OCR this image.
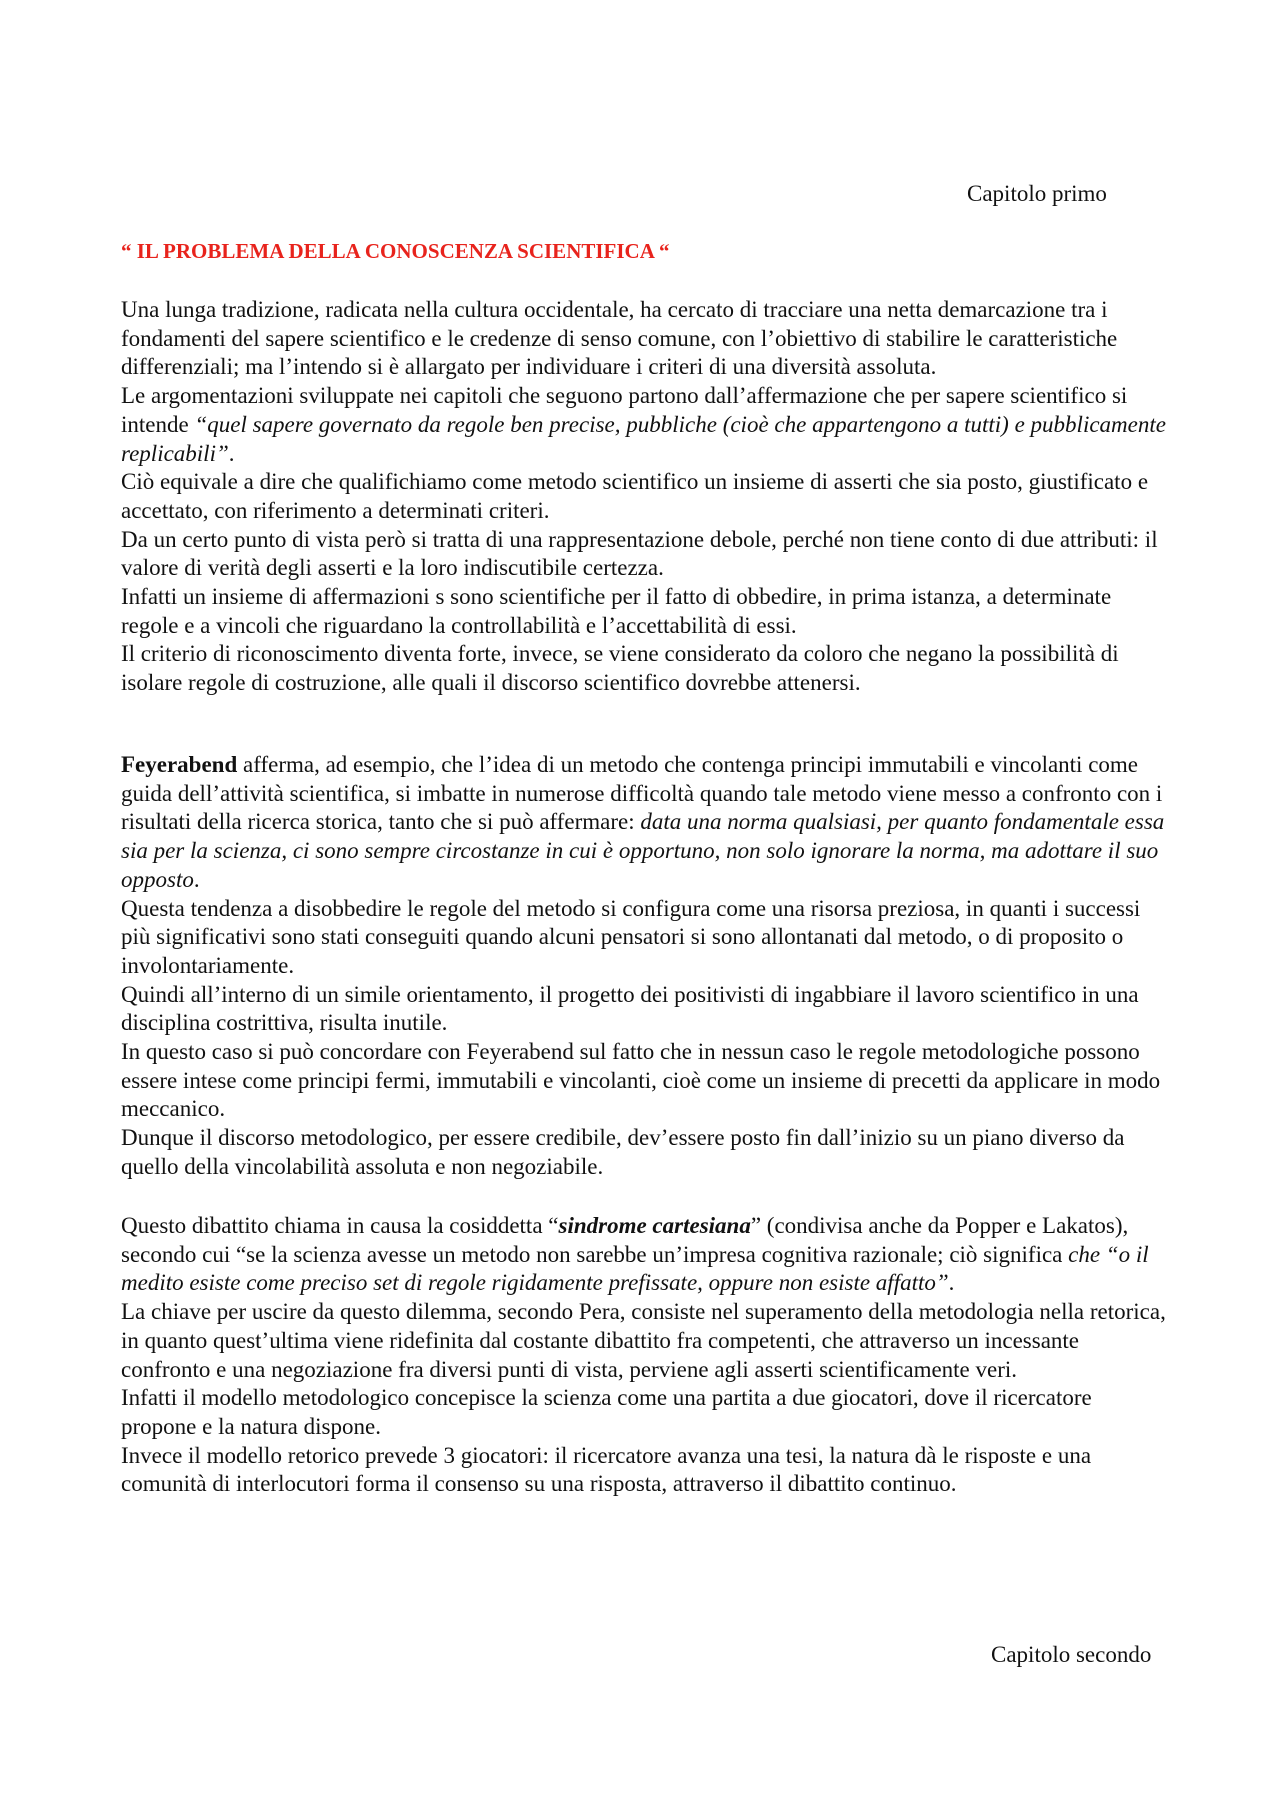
Capitolo primo
“ IL PROBLEMA DELLA CONOSCENZA SCIENTIFICA “

Una lunga tradizione, radicata nella cultura occidentale, ha cercato di tracciare una netta demarcazione tra i fondamenti del sapere scientifico e le credenze di senso comune, con l’obiettivo di stabilire le caratteristiche differenziali; ma l’intendo si è allargato per individuare i criteri di una diversità assoluta.

Le argomentazioni sviluppate nei capitoli che seguono partono dall’affermazione che per sapere scientifico si intende “quel sapere governato da regole ben precise, pubbliche (cioè che appartengono a tutti) e pubblicamente replicabili”.

Ciò equivale a dire che qualifichiamo come metodo scientifico un insieme di asserti che sia posto, giustificato e accettato, con riferimento a determinati criteri.

Da un certo punto di vista però si tratta di una rappresentazione debole, perché non tiene conto di due attributi: il valore di verità degli asserti e la loro indiscutibile certezza.

Infatti un insieme di affermazioni s sono scientifiche per il fatto di obbedire, in prima istanza, a determinate regole e a vincoli che riguardano la controllabilità e l’accettabilità di essi.

Il criterio di riconoscimento diventa forte, invece, se viene considerato da coloro che negano la possibilità di isolare regole di costruzione, alle quali il discorso scientifico dovrebbe attenersi.

Feyerabend afferma, ad esempio, che l’idea di un metodo che contenga principi immutabili e vincolanti come guida dell’attività scientifica, si imbatte in numerose difficoltà quando tale metodo viene messo a confronto con i risultati della ricerca storica, tanto che si può affermare: data una norma qualsiasi, per quanto fondamentale essa sia per la scienza, ci sono sempre circostanze in cui è opportuno, non solo ignorare la norma, ma adottare il suo opposto.

Questa tendenza a disobbedire le regole del metodo si configura come una risorsa preziosa, in quanti i successi più significativi sono stati conseguiti quando alcuni pensatori si sono allontanati dal metodo, o di proposito o involontariamente.

Quindi all’interno di un simile orientamento, il progetto dei positivisti di ingabbiare il lavoro scientifico in una disciplina costrittiva, risulta inutile.

In questo caso si può concordare con Feyerabend sul fatto che in nessun caso le regole metodologiche possono essere intese come principi fermi, immutabili e vincolanti, cioè come un insieme di precetti da applicare in modo meccanico.

Dunque il discorso metodologico, per essere credibile, dev’essere posto fin dall’inizio su un piano diverso da quello della vincolabilità assoluta e non negoziabile.

Questo dibattito chiama in causa la cosiddetta “sindrome cartesiana” (condivisa anche da Popper e Lakatos), secondo cui “se la scienza avesse un metodo non sarebbe un’impresa cognitiva razionale; ciò significa che “o il medito esiste come preciso set di regole rigidamente prefissate, oppure non esiste affatto”.

La chiave per uscire da questo dilemma, secondo Pera, consiste nel superamento della metodologia nella retorica, in quanto quest’ultima viene ridefinita dal costante dibattito fra competenti, che attraverso un incessante confronto e una negoziazione fra diversi punti di vista, perviene agli asserti scientificamente veri.

Infatti il modello metodologico concepisce la scienza come una partita a due giocatori, dove il ricercatore propone e la natura dispone.

Invece il modello retorico prevede 3 giocatori: il ricercatore avanza una tesi, la natura dà le risposte e una comunità di interlocutori forma il consenso su una risposta, attraverso il dibattito continuo.

Capitolo secondo
